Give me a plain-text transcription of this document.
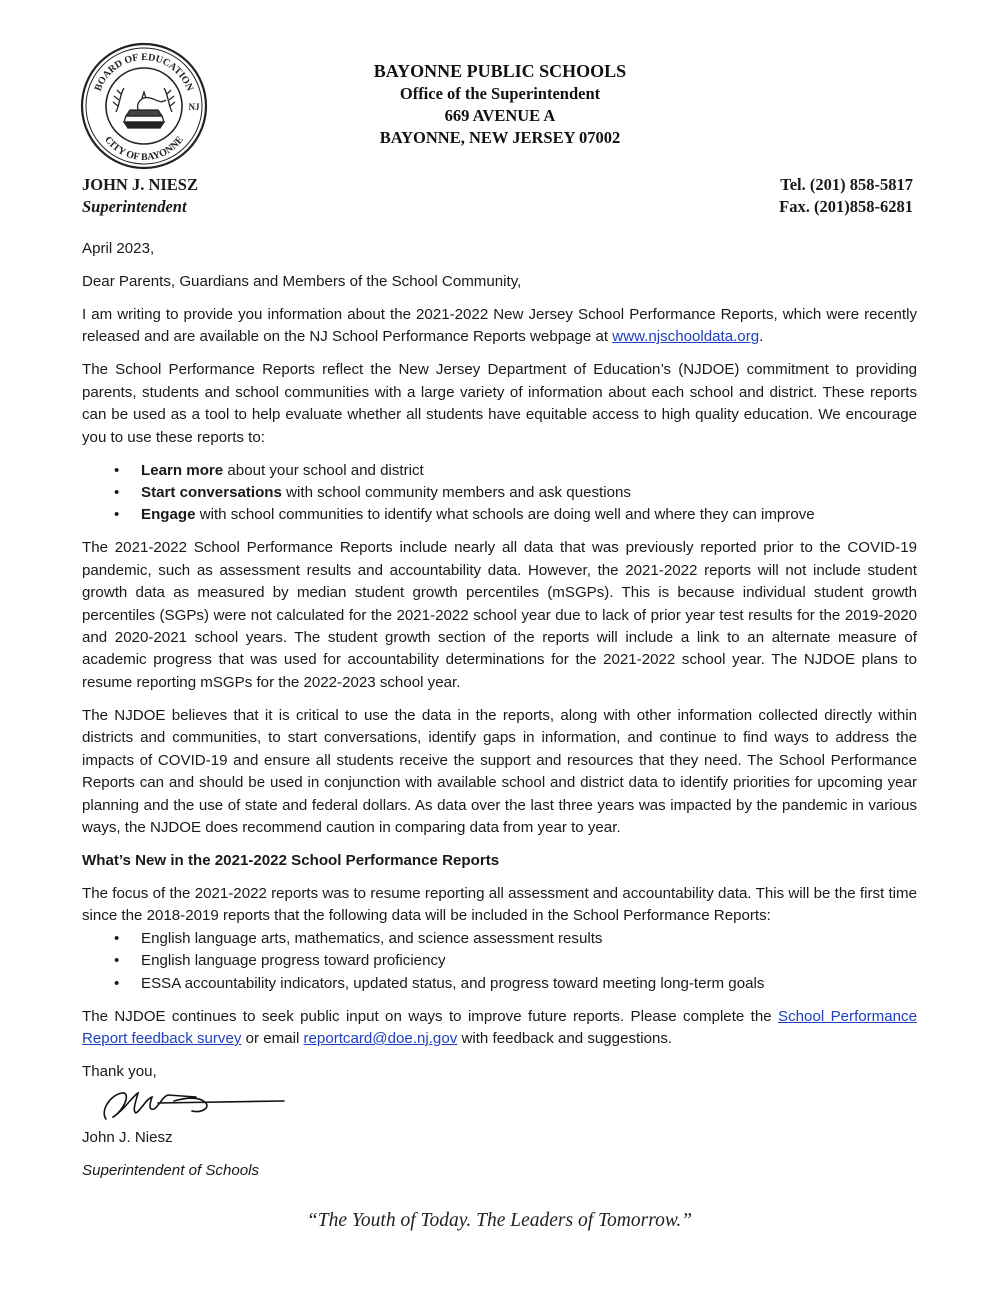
BOARD OF EDUCATION
CITY OF BAYONNE
NJ
BAYONNE PUBLIC SCHOOLS
Office of the Superintendent
669 AVENUE A
BAYONNE, NEW JERSEY 07002
JOHN J. NIESZ
Superintendent
Tel. (201) 858-5817
Fax. (201)858-6281

April 2023,

Dear Parents, Guardians and Members of the School Community,

I am writing to provide you information about the 2021-2022 New Jersey School Performance Reports, which were recently released and are available on the NJ School Performance Reports webpage at www.njschooldata.org.

The School Performance Reports reflect the New Jersey Department of Education’s (NJDOE) commitment to providing parents, students and school communities with a large variety of information about each school and district. These reports can be used as a tool to help evaluate whether all students have equitable access to high quality education. We encourage you to use these reports to:

• Learn more about your school and district
• Start conversations with school community members and ask questions
• Engage with school communities to identify what schools are doing well and where they can improve

The 2021-2022 School Performance Reports include nearly all data that was previously reported prior to the COVID-19 pandemic, such as assessment results and accountability data. However, the 2021-2022 reports will not include student growth data as measured by median student growth percentiles (mSGPs). This is because individual student growth percentiles (SGPs) were not calculated for the 2021-2022 school year due to lack of prior year test results for the 2019-2020 and 2020-2021 school years. The student growth section of the reports will include a link to an alternate measure of academic progress that was used for accountability determinations for the 2021-2022 school year. The NJDOE plans to resume reporting mSGPs for the 2022-2023 school year.

The NJDOE believes that it is critical to use the data in the reports, along with other information collected directly within districts and communities, to start conversations, identify gaps in information, and continue to find ways to address the impacts of COVID-19 and ensure all students receive the support and resources that they need. The School Performance Reports can and should be used in conjunction with available school and district data to identify priorities for upcoming year planning and the use of state and federal dollars. As data over the last three years was impacted by the pandemic in various ways, the NJDOE does recommend caution in comparing data from year to year.

What’s New in the 2021-2022 School Performance Reports

The focus of the 2021-2022 reports was to resume reporting all assessment and accountability data. This will be the first time since the 2018-2019 reports that the following data will be included in the School Performance Reports:

• English language arts, mathematics, and science assessment results
• English language progress toward proficiency
• ESSA accountability indicators, updated status, and progress toward meeting long-term goals

The NJDOE continues to seek public input on ways to improve future reports. Please complete the School Performance Report feedback survey or email reportcard@doe.nj.gov with feedback and suggestions.

Thank you,

John J. Niesz

Superintendent of Schools

“The Youth of Today. The Leaders of Tomorrow.”
